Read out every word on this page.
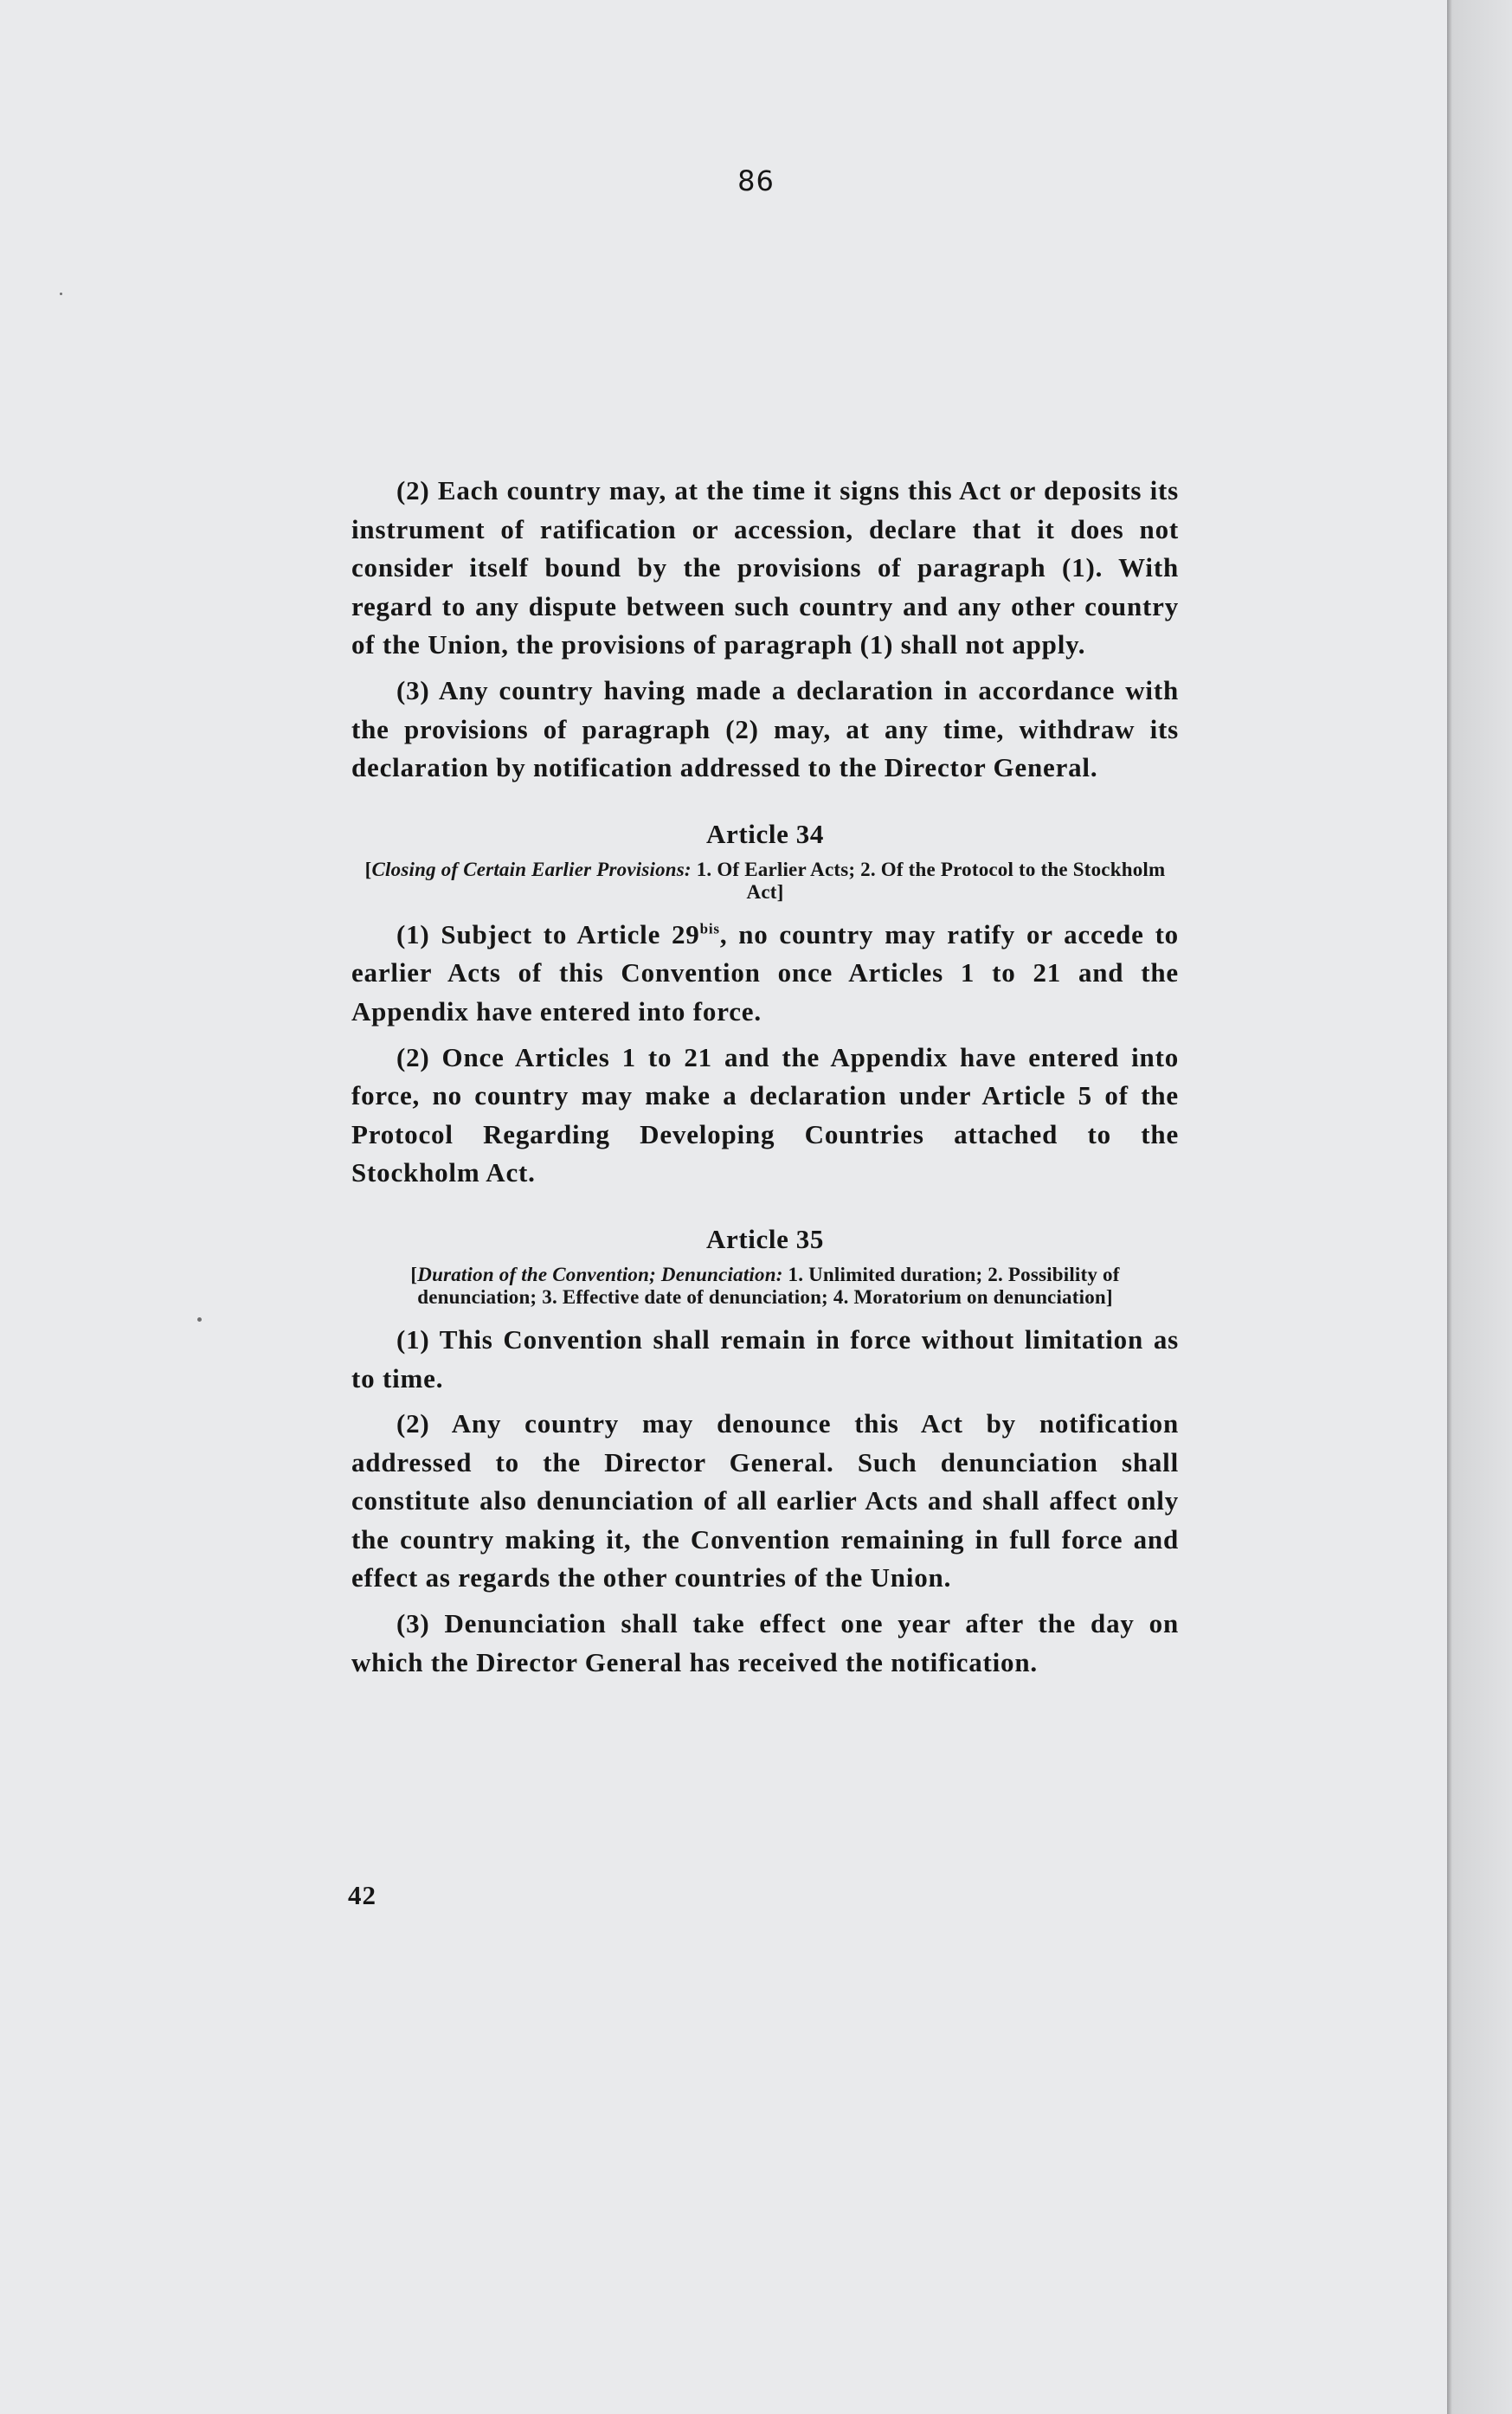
86

(2) Each country may, at the time it signs this Act or deposits its instrument of ratification or accession, declare that it does not consider itself bound by the provisions of paragraph (1). With regard to any dispute between such country and any other country of the Union, the provisions of paragraph (1) shall not apply.

(3) Any country having made a declaration in accordance with the provisions of paragraph (2) may, at any time, withdraw its declaration by notification addressed to the Director General.

Article 34
[Closing of Certain Earlier Provisions: 1. Of Earlier Acts; 2. Of the Protocol to the Stockholm Act]

(1) Subject to Article $29^{bis}$, no country may ratify or accede to earlier Acts of this Convention once Articles 1 to 21 and the Appendix have entered into force.

(2) Once Articles 1 to 21 and the Appendix have entered into force, no country may make a declaration under Article 5 of the Protocol Regarding Developing Countries attached to the Stockholm Act.

Article 35
[Duration of the Convention; Denunciation: 1. Unlimited duration; 2. Possibility of denunciation; 3. Effective date of denunciation; 4. Moratorium on denunciation]

(1) This Convention shall remain in force without limitation as to time.

(2) Any country may denounce this Act by notification addressed to the Director General. Such denunciation shall constitute also denunciation of all earlier Acts and shall affect only the country making it, the Convention remaining in full force and effect as regards the other countries of the Union.

(3) Denunciation shall take effect one year after the day on which the Director General has received the notification.

42
